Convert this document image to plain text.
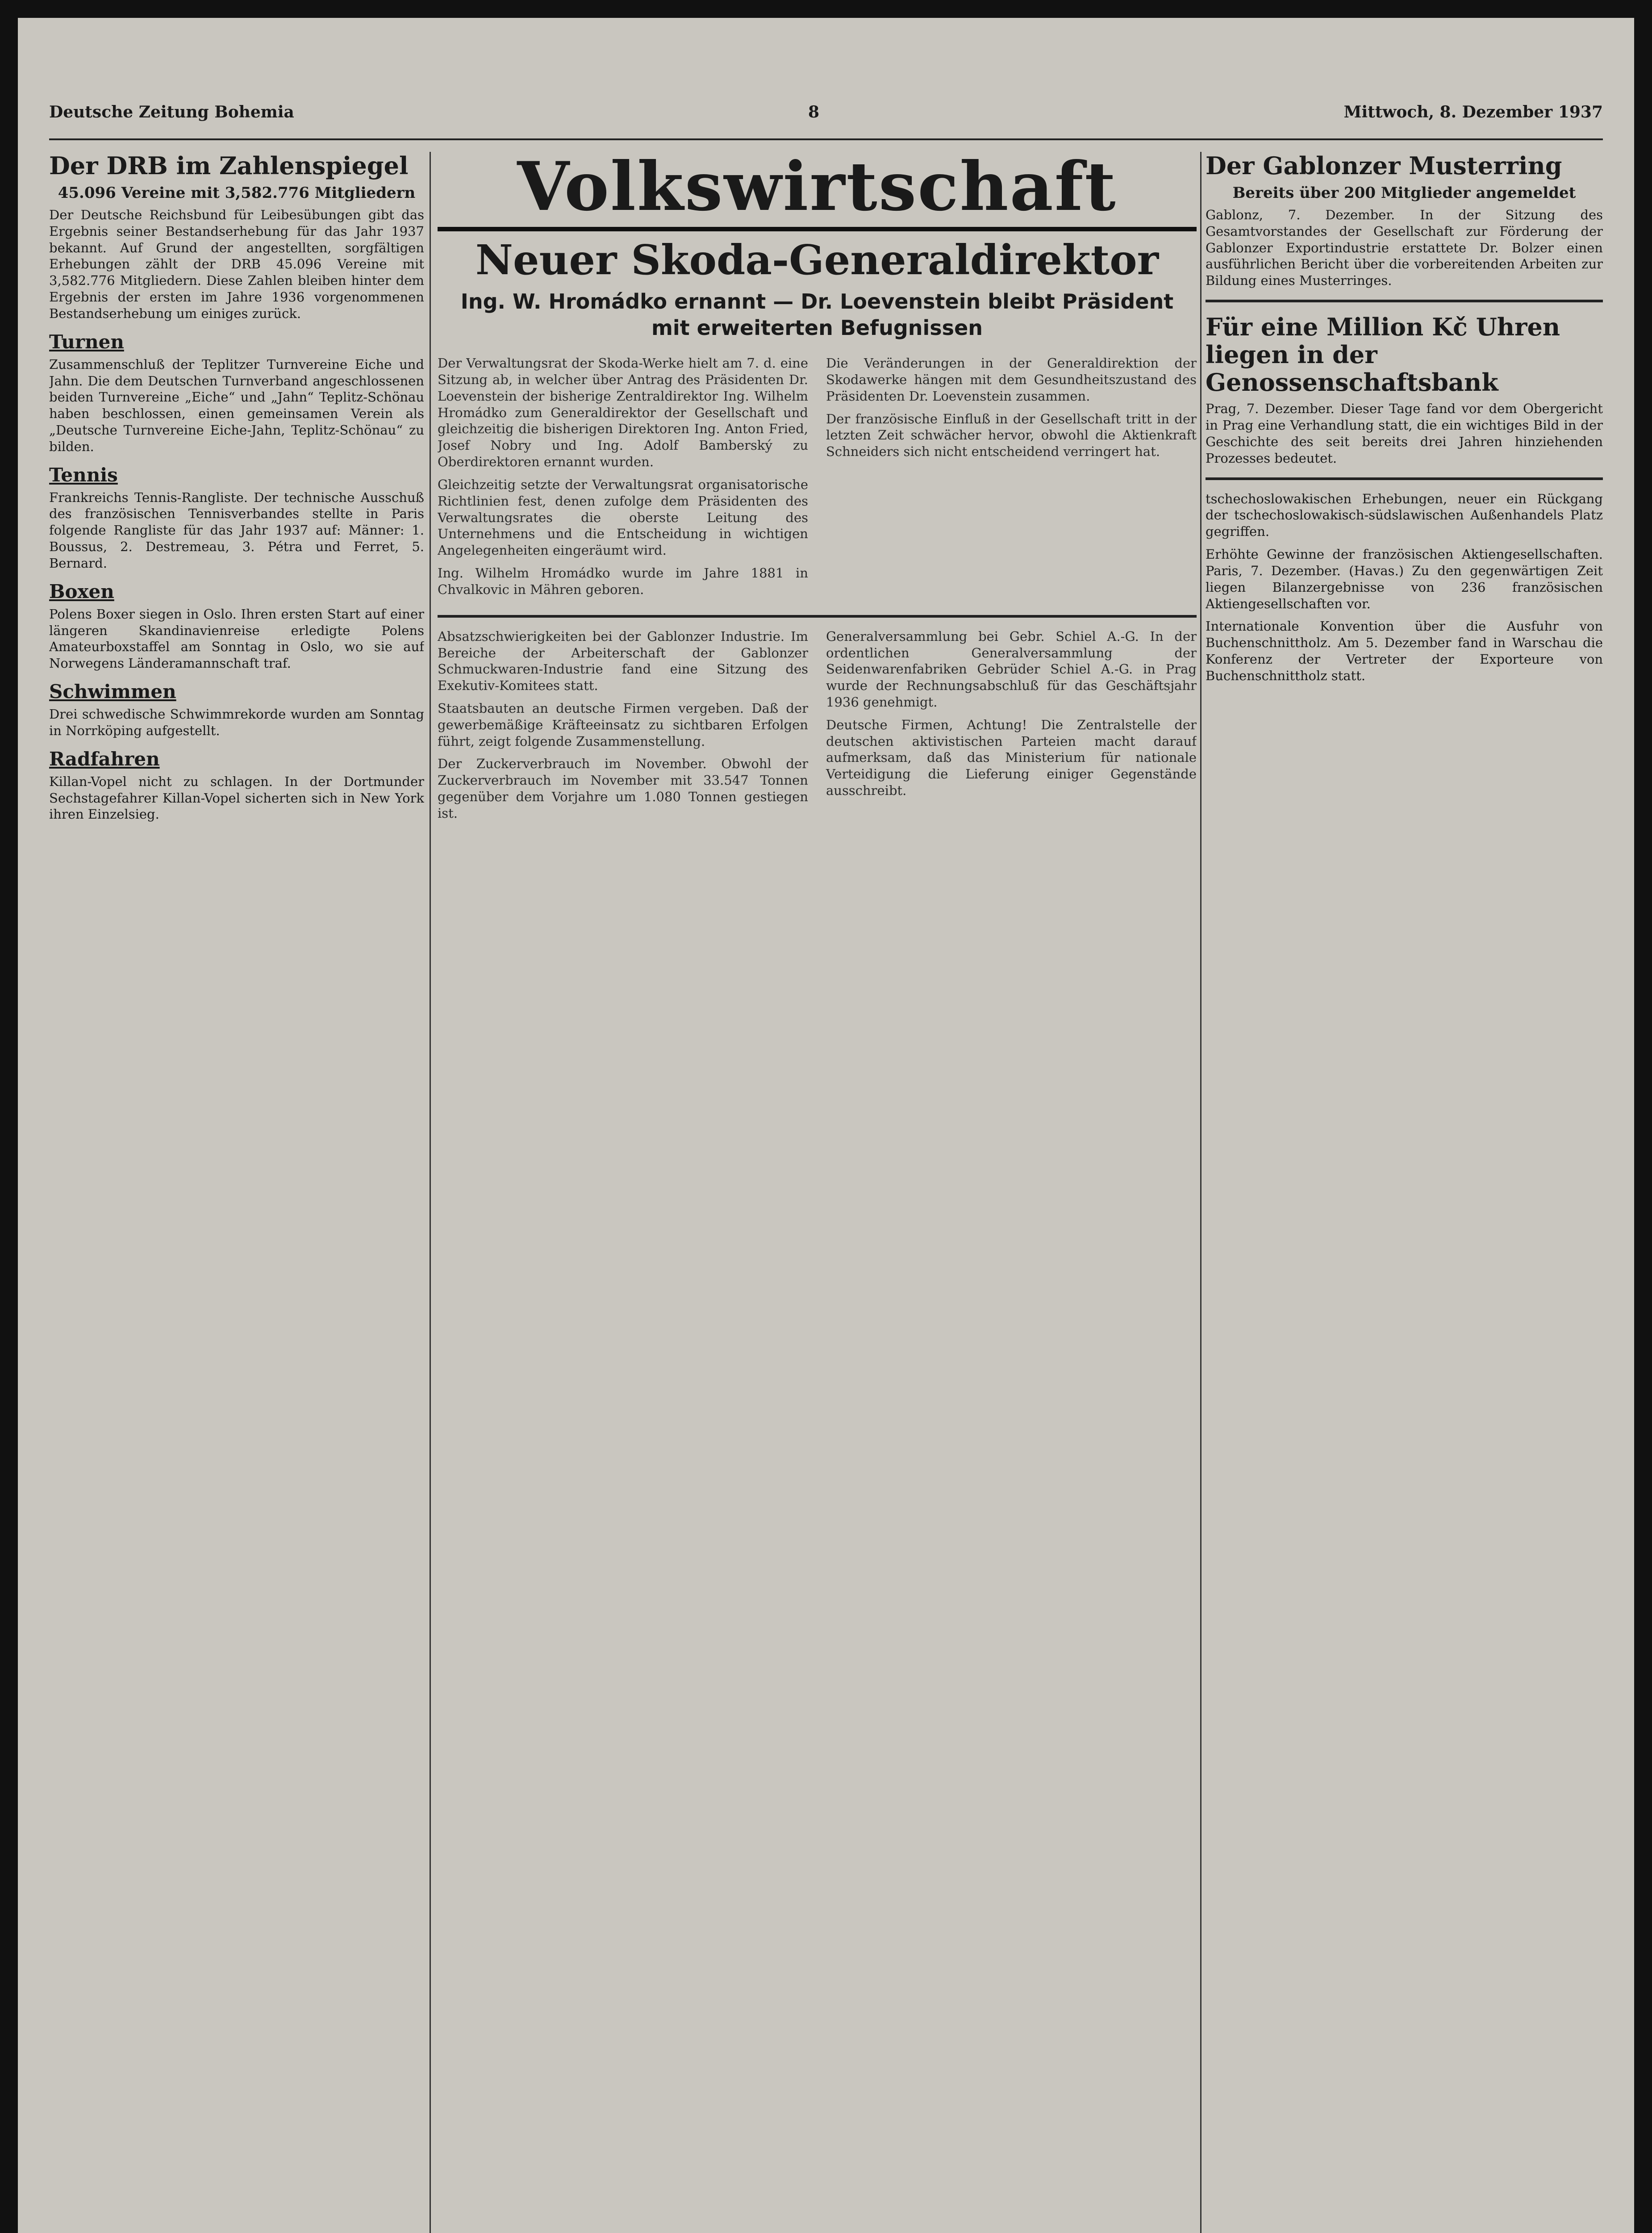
Deutsche Zeitung Bohemia	8	Mittwoch, 8. Dezember 1937
Der DRB im Zahlenspiegel
45.096 Vereine mit 3,582.776 Mitgliedern

Der Deutsche Reichsbund für Leibesübungen gibt das Ergebnis seiner Bestandserhebung für das Jahr 1937 bekannt. Auf Grund der angestellten, sorgfältigen Erhebungen zählt der DRB 45.096 Vereine mit 3,582.776 Mitgliedern. Diese Zahlen bleiben hinter dem Ergebnis der ersten im Jahre 1936 vorgenommenen Bestandserhebung um einiges zurück.

Turnen

Zusammenschluß der Teplitzer Turnvereine Eiche und Jahn. Die dem Deutschen Turnverband angeschlossenen beiden Turnvereine „Eiche“ und „Jahn“ Teplitz-Schönau haben beschlossen, einen gemeinsamen Verein als „Deutsche Turnvereine Eiche-Jahn, Teplitz-Schönau“ zu bilden.

Tennis

Frankreichs Tennis-Rangliste. Der technische Ausschuß des französischen Tennisverbandes stellte in Paris folgende Rangliste für das Jahr 1937 auf: Männer: 1. Boussus, 2. Destremeau, 3. Pétra und Ferret, 5. Bernard.

Boxen

Polens Boxer siegen in Oslo. Ihren ersten Start auf einer längeren Skandinavienreise erledigte Polens Amateurboxstaffel am Sonntag in Oslo, wo sie auf Norwegens Länderamannschaft traf.

Schwimmen

Drei schwedische Schwimmrekorde wurden am Sonntag in Norrköping aufgestellt.

Radfahren

Killan-Vopel nicht zu schlagen. In der Dortmunder Sechstagefahrer Killan-Vopel sicherten sich in New York ihren Einzelsieg.

Volkswirtschaft
Neuer Skoda-Generaldirektor
Ing. W. Hromádko ernannt — Dr. Loevenstein bleibt Präsident
mit erweiterten Befugnissen

Der Verwaltungsrat der Skoda-Werke hielt am 7. d. eine Sitzung ab, in welcher über Antrag des Präsidenten Dr. Loevenstein der bisherige Zentraldirektor Ing. Wilhelm Hromádko zum Generaldirektor der Gesellschaft und gleichzeitig die bisherigen Direktoren Ing. Anton Fried, Josef Nobry und Ing. Adolf Bamberský zu Oberdirektoren ernannt wurden.

Gleichzeitig setzte der Verwaltungsrat organisatorische Richtlinien fest, denen zufolge dem Präsidenten des Verwaltungsrates die oberste Leitung des Unternehmens und die Entscheidung in wichtigen Angelegenheiten eingeräumt wird.

Ing. Wilhelm Hromádko wurde im Jahre 1881 in Chvalkovic in Mähren geboren.

Die Veränderungen in der Generaldirektion der Skodawerke hängen mit dem Gesundheitszustand des Präsidenten Dr. Loevenstein zusammen.

Der französische Einfluß in der Gesellschaft tritt in der letzten Zeit schwächer hervor, obwohl die Aktienkraft Schneiders sich nicht entscheidend verringert hat.

Absatzschwierigkeiten bei der Gablonzer Industrie. Im Bereiche der Arbeiterschaft der Gablonzer Schmuckwaren-Industrie fand eine Sitzung des Exekutiv-Komitees statt.

Staatsbauten an deutsche Firmen vergeben. Daß der gewerbemäßige Kräfteeinsatz zu sichtbaren Erfolgen führt, zeigt folgende Zusammenstellung.

Der Zuckerverbrauch im November. Obwohl der Zuckerverbrauch im November mit 33.547 Tonnen gegenüber dem Vorjahre um 1.080 Tonnen gestiegen ist.

Generalversammlung bei Gebr. Schiel A.-G. In der ordentlichen Generalversammlung der Seidenwarenfabriken Gebrüder Schiel A.-G. in Prag wurde der Rechnungsabschluß für das Geschäftsjahr 1936 genehmigt.

Deutsche Firmen, Achtung! Die Zentralstelle der deutschen aktivistischen Parteien macht darauf aufmerksam, daß das Ministerium für nationale Verteidigung die Lieferung einiger Gegenstände ausschreibt.

Der Gablonzer Musterring
Bereits über 200 Mitglieder angemeldet

Gablonz, 7. Dezember. In der Sitzung des Gesamtvorstandes der Gesellschaft zur Förderung der Gablonzer Exportindustrie erstattete Dr. Bolzer einen ausführlichen Bericht über die vorbereitenden Arbeiten zur Bildung eines Musterringes.

Für eine Million Kč Uhren liegen in der Genossenschaftsbank

Prag, 7. Dezember. Dieser Tage fand vor dem Obergericht in Prag eine Verhandlung statt, die ein wichtiges Bild in der Geschichte des seit bereits drei Jahren hinziehenden Prozesses bedeutet.

tschechoslowakischen Erhebungen, neuer ein Rückgang der tschechoslowakisch-südslawischen Außenhandels Platz gegriffen.

Erhöhte Gewinne der französischen Aktiengesellschaften. Paris, 7. Dezember. (Havas.) Zu den gegenwärtigen Zeit liegen Bilanzergebnisse von 236 französischen Aktiengesellschaften vor.

Internationale Konvention über die Ausfuhr von Buchenschnittholz. Am 5. Dezember fand in Warschau die Konferenz der Vertreter der Exporteure von Buchenschnittholz statt.
